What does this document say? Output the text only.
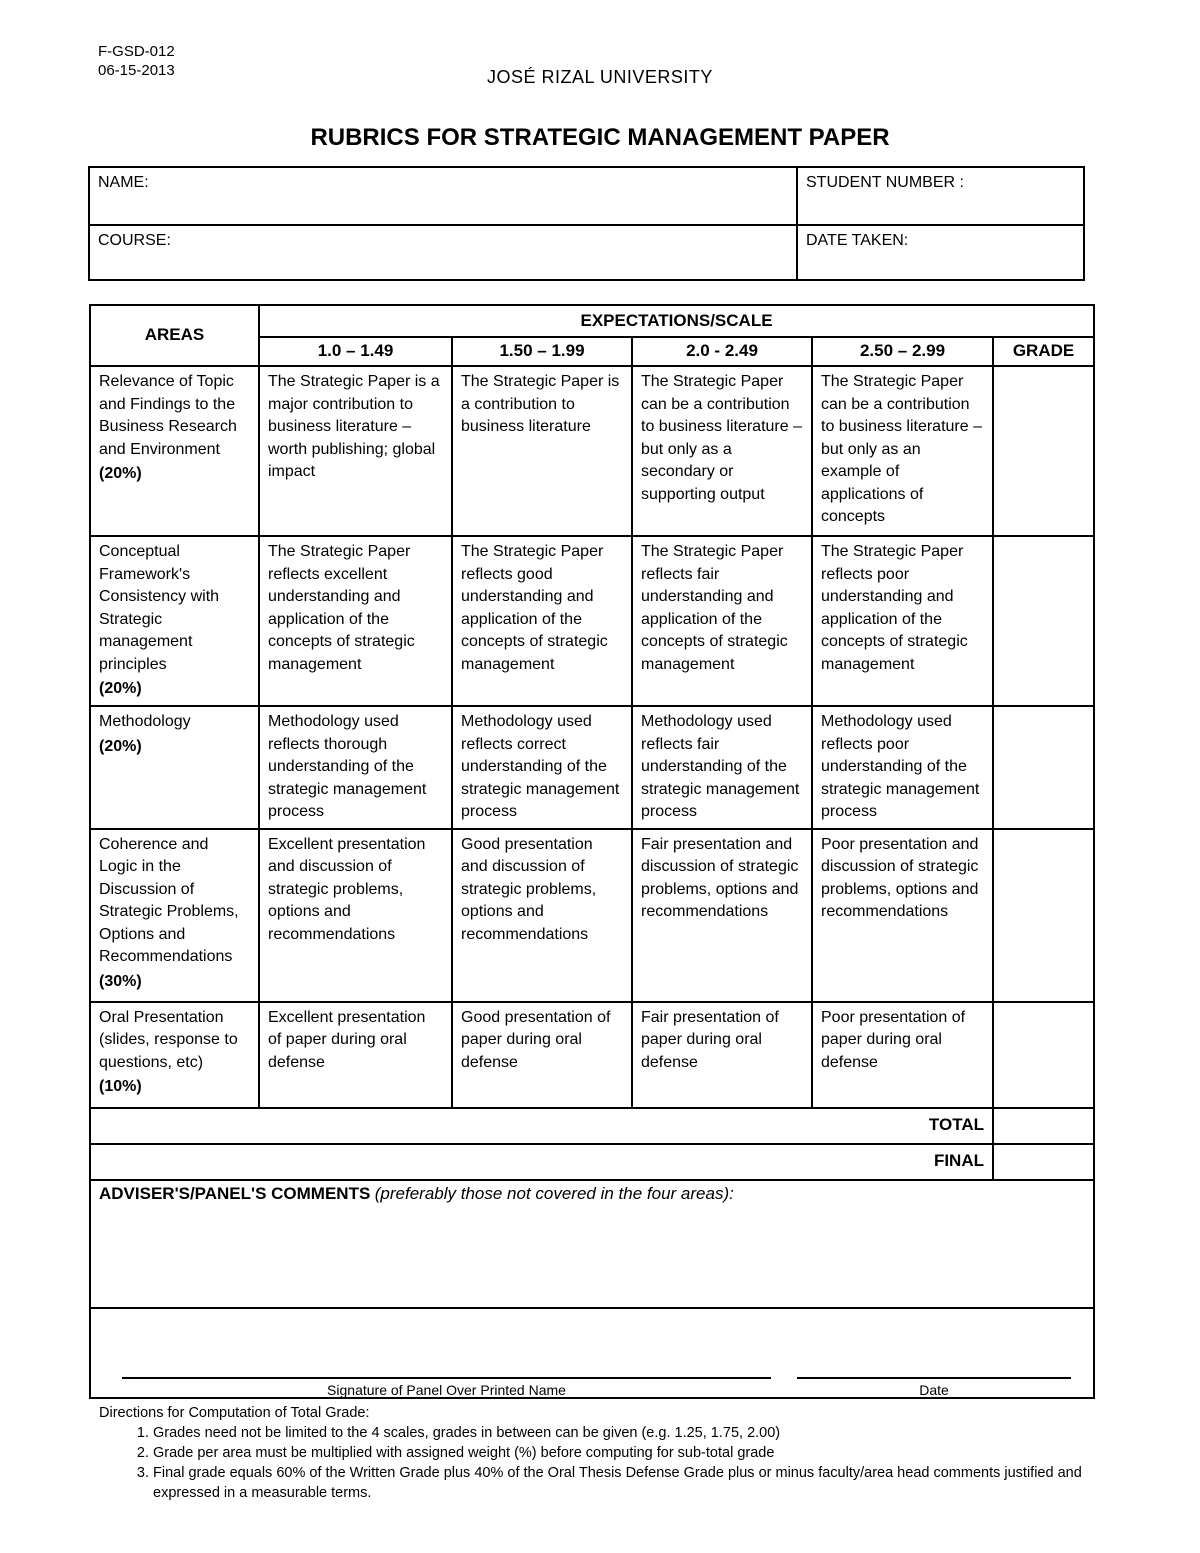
F-GSD-012
06-15-2013	JOSÉ RIZAL UNIVERSITY
RUBRICS FOR STRATEGIC MANAGEMENT PAPER
NAME:	STUDENT NUMBER :
COURSE:	DATE TAKEN:
AREAS	EXPECTATIONS/SCALE				
	1.0 – 1.49	1.50 – 1.99	2.0 - 2.49	2.50 – 2.99	GRADE
Relevance of Topic and Findings to the Business Research and Environment
(20%)	The Strategic Paper is a major contribution to business literature – worth publishing; global impact	The Strategic Paper is a contribution to business literature	The Strategic Paper can be a contribution to business literature – but only as a secondary or supporting output	The Strategic Paper can be a contribution to business literature – but only as an example of applications of concepts	
Conceptual Framework's Consistency with Strategic management principles
(20%)	The Strategic Paper reflects excellent understanding and application of the concepts of strategic management	The Strategic Paper reflects good understanding and application of the concepts of strategic management	The Strategic Paper reflects fair understanding and application of the concepts of strategic management	The Strategic Paper reflects poor understanding and application of the concepts of strategic management	
Methodology
(20%)	Methodology used reflects thorough understanding of the strategic management process	Methodology used reflects correct understanding of the strategic management process	Methodology used reflects fair understanding of the strategic management process	Methodology used reflects poor understanding of the strategic management process	
Coherence and Logic in the Discussion of Strategic Problems, Options and Recommendations
(30%)	Excellent presentation and discussion of strategic problems, options and recommendations	Good presentation and discussion of strategic problems, options and recommendations	Fair presentation and discussion of strategic problems, options and recommendations	Poor presentation and discussion of strategic problems, options and recommendations	
Oral Presentation (slides, response to questions, etc)
(10%)	Excellent presentation of paper during oral defense	Good presentation of paper during oral defense	Fair presentation of paper during oral defense	Poor presentation of paper during oral defense	
TOTAL					
FINAL					
ADVISER'S/PANEL'S COMMENTS (preferably those not covered in the four areas):					

Signature of Panel Over Printed Name Date					
Directions for Computation of Total Grade:
1. Grades need not be limited to the 4 scales, grades in between can be given (e.g. 1.25, 1.75, 2.00)
2. Grade per area must be multiplied with assigned weight (%) before computing for sub-total grade
3. Final grade equals 60% of the Written Grade plus 40% of the Oral Thesis Defense Grade plus or minus faculty/area head comments justified and expressed in a measurable terms.
